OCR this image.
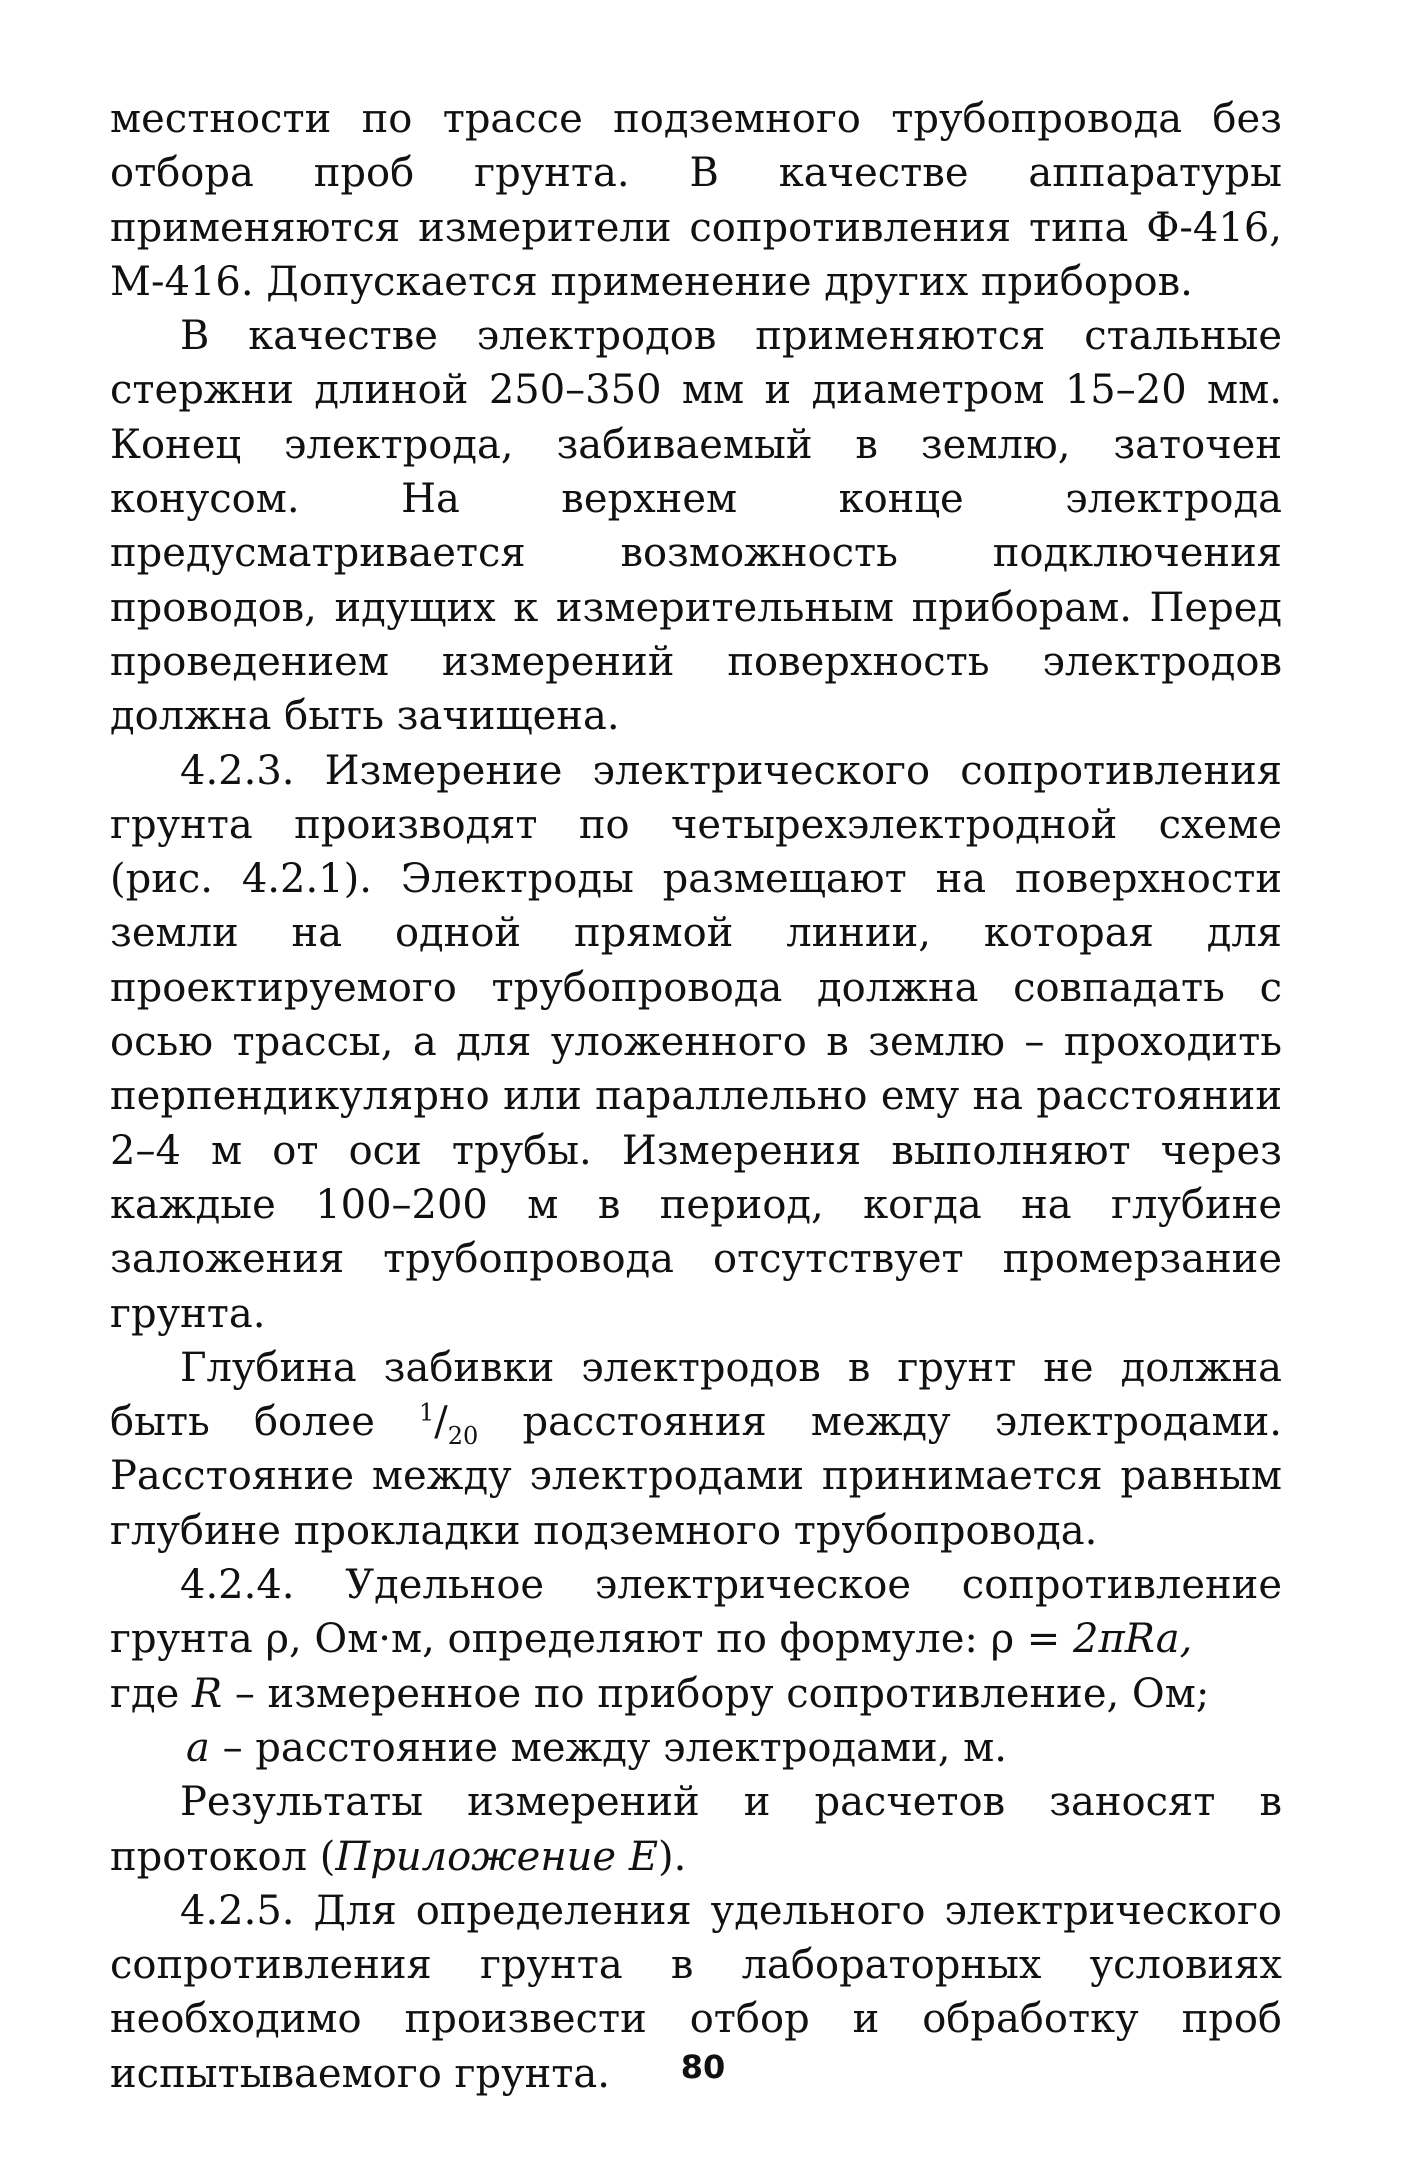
местности по трассе подземного трубопровода без отбора проб грунта. В качестве аппаратуры применяются измерители сопротивления типа Ф-416, М-416. Допускается применение других приборов.

В качестве электродов применяются стальные стержни длиной 250–350 мм и диаметром 15–20 мм. Конец электрода, забиваемый в землю, заточен конусом. На верхнем конце электрода предусматривается возможность подключения проводов, идущих к измерительным приборам. Перед проведением измерений поверхность электродов должна быть зачищена.

4.2.3. Измерение электрического сопротивления грунта производят по четырехэлектродной схеме (рис. 4.2.1). Электроды размещают на поверхности земли на одной прямой линии, которая для проектируемого трубопровода должна совпадать с осью трассы, а для уложенного в землю – проходить перпендикулярно или параллельно ему на расстоянии 2–4 м от оси трубы. Измерения выполняют через каждые 100–200 м в период, когда на глубине заложения трубопровода отсутствует промерзание грунта.

Глубина забивки электродов в грунт не должна быть более $^1/_{20}$ расстояния между электродами. Расстояние между электродами принимается равным глубине прокладки подземного трубопровода.

4.2.4. Удельное электрическое сопротивление грунта ρ, Ом·м, определяют по формуле: ρ = 2πRa,

где R – измеренное по прибору сопротивление, Ом;

a – расстояние между электродами, м.

Результаты измерений и расчетов заносят в протокол (Приложение Е).

4.2.5. Для определения удельного электрического сопротивления грунта в лабораторных условиях необходимо произвести отбор и обработку проб испытываемого грунта.	80
